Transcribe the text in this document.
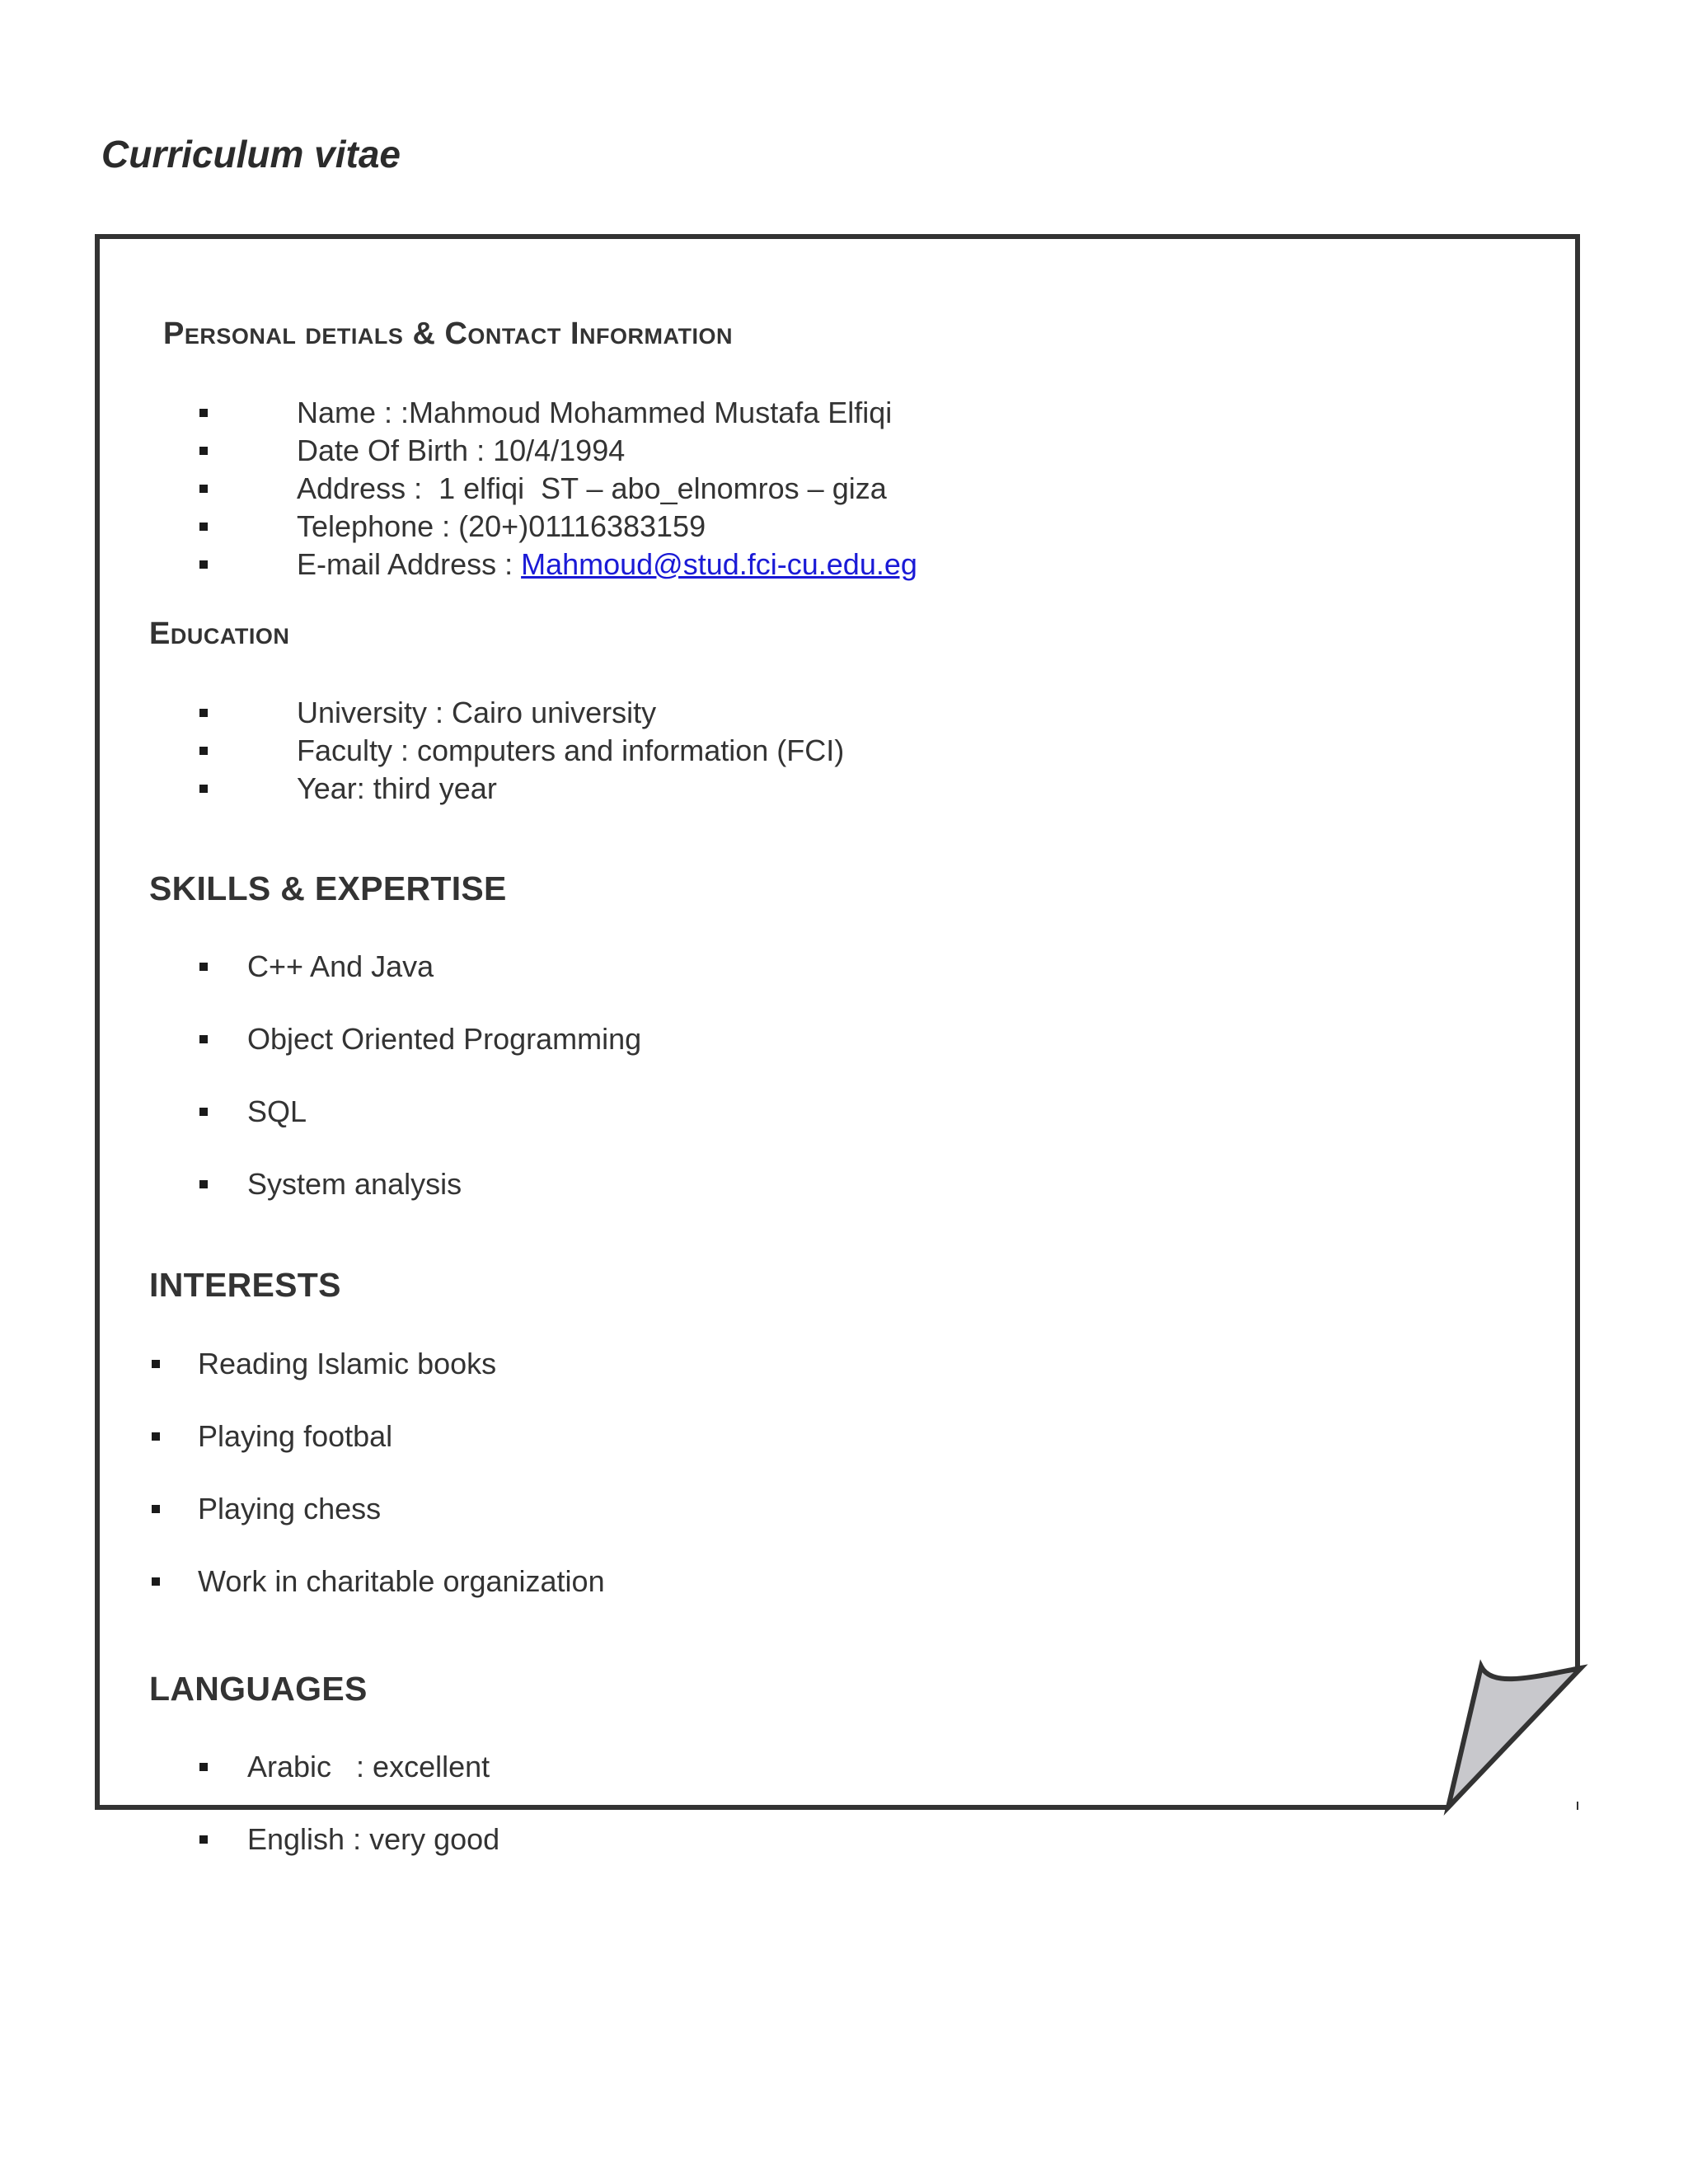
Curriculum vitae
Personal detials & Contact Information
Name : :Mahmoud Mohammed Mustafa Elfiqi
Date Of Birth : 10/4/1994
Address :  1 elfiqi  ST – abo_elnomros – giza
Telephone : (20+)01116383159
E-mail Address : Mahmoud@stud.fci-cu.edu.eg
Education
University : Cairo university
Faculty : computers and information (FCI)
Year: third year
SKILLS & EXPERTISE
C++ And Java
Object Oriented Programming
SQL
System analysis
INTERESTS
Reading Islamic books
Playing footbal
Playing chess
Work in charitable organization
LANGUAGES
Arabic   : excellent
English : very good
